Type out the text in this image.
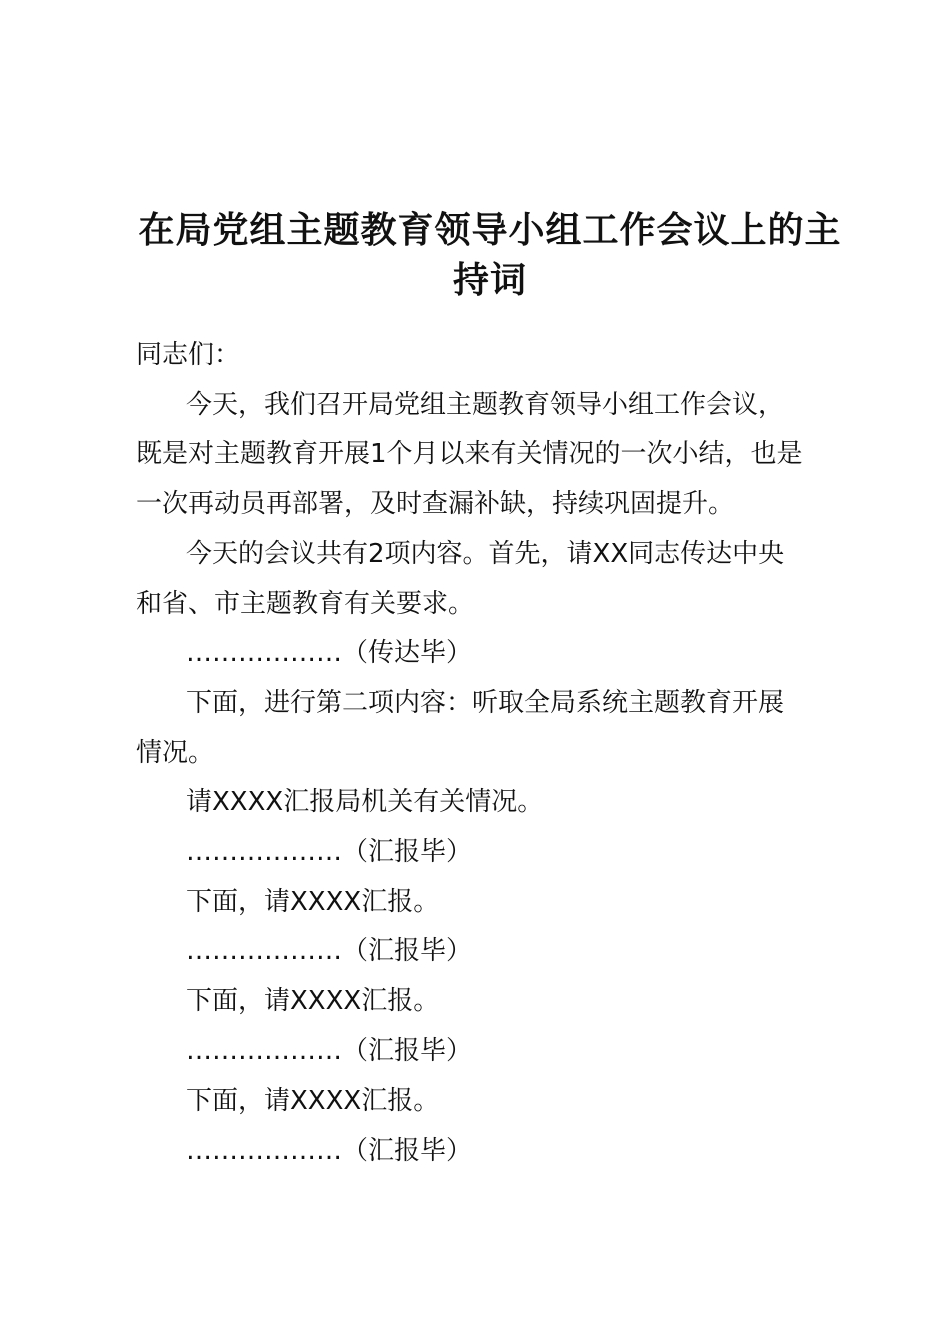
在局党组主题教育领导小组工作会议上的主
持词
同志们：
今天，我们召开局党组主题教育领导小组工作会议，
既是对主题教育开展1个月以来有关情况的一次小结，也是
一次再动员再部署，及时查漏补缺，持续巩固提升。
今天的会议共有2项内容。首先，请XX同志传达中央
和省、市主题教育有关要求。
………………（传达毕）
下面，进行第二项内容：听取全局系统主题教育开展
情况。
请XXXX汇报局机关有关情况。
………………（汇报毕）
下面，请XXXX汇报。
………………（汇报毕）
下面，请XXXX汇报。
………………（汇报毕）
下面，请XXXX汇报。
………………（汇报毕）
